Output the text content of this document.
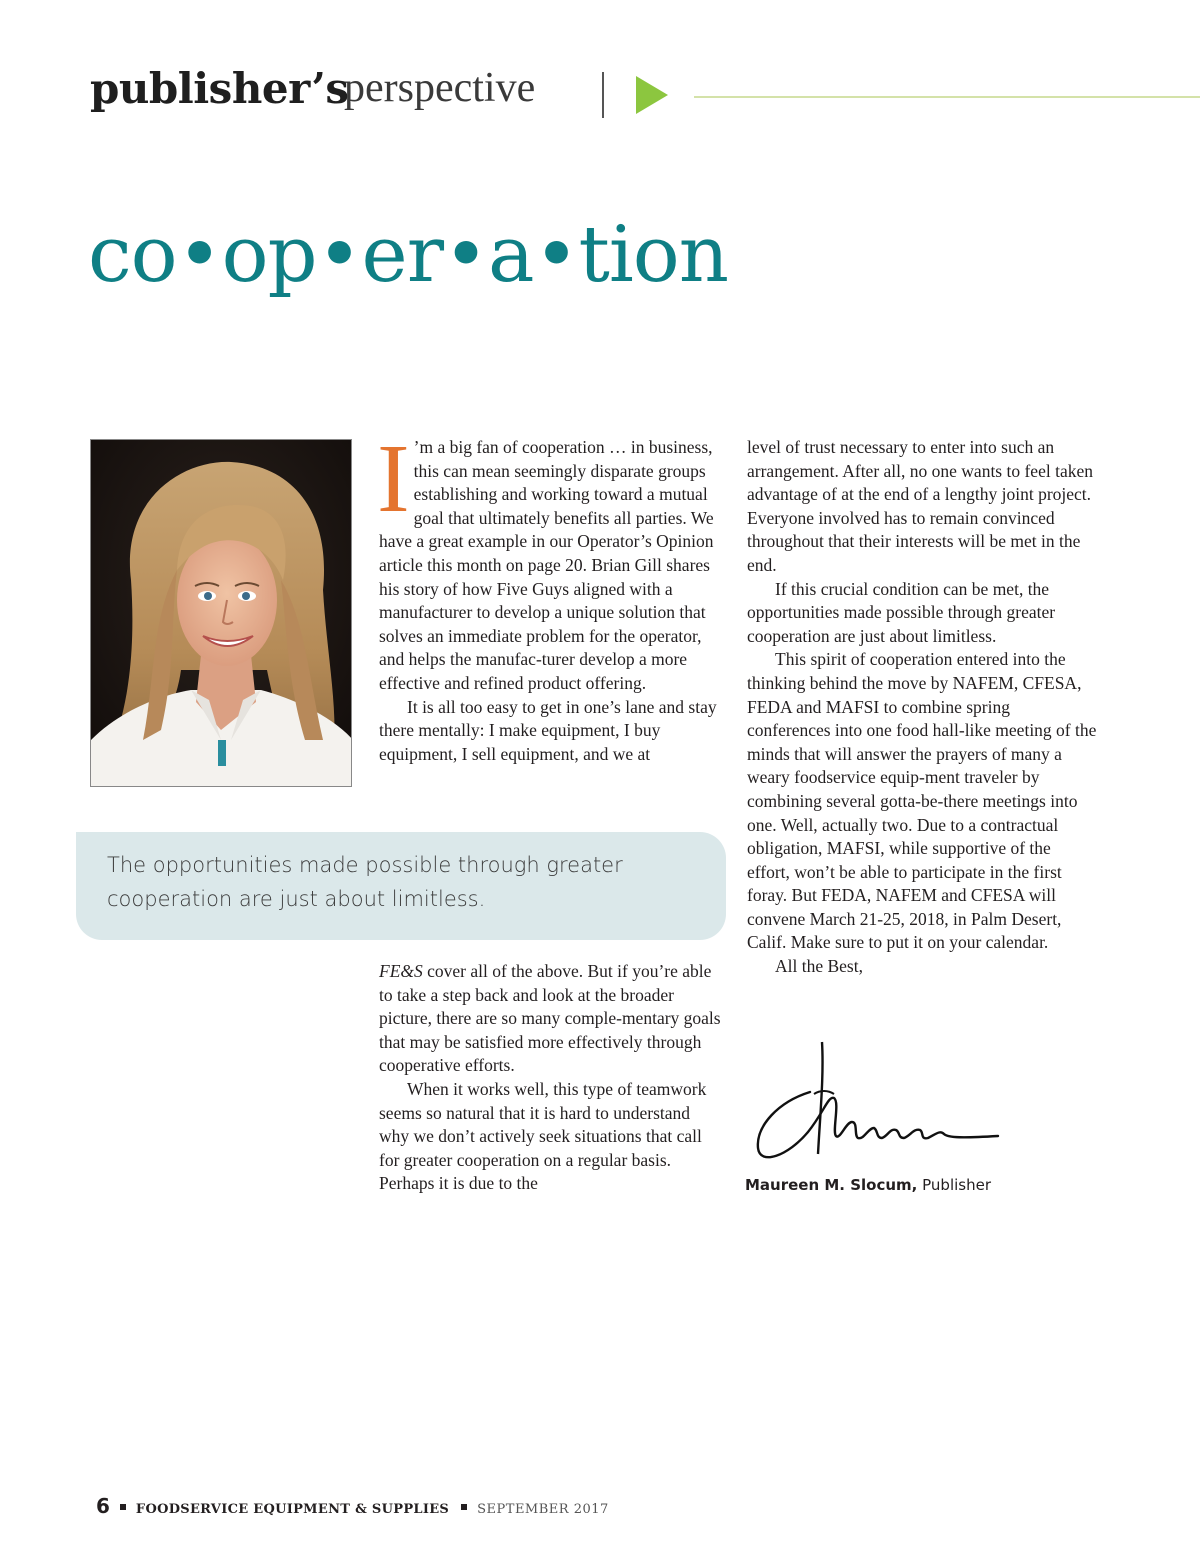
publisher’s
perspective
co•op•er•a•tion

I ’m a big fan of cooperation … in business, this can mean seemingly disparate groups establishing and working toward a mutual goal that ultimately benefits all parties. We have a great example in our Operator’s Opinion article this month on page 20. Brian Gill shares his story of how Five Guys aligned with a manufacturer to develop a unique solution that solves an immediate problem for the operator, and helps the manufac-turer develop a more effective and refined product offering.

It is all too easy to get in one’s lane and stay there mentally: I make equipment, I buy equipment, I sell equipment, and we at

The opportunities made possible through greater cooperation are just about limitless.

FE&S cover all of the above. But if you’re able to take a step back and look at the broader picture, there are so many comple-mentary goals that may be satisfied more effectively through cooperative efforts.

When it works well, this type of teamwork seems so natural that it is hard to understand why we don’t actively seek situations that call for greater cooperation on a regular basis. Perhaps it is due to the

level of trust necessary to enter into such an arrangement. After all, no one wants to feel taken advantage of at the end of a lengthy joint project. Everyone involved has to remain convinced throughout that their interests will be met in the end.

If this crucial condition can be met, the opportunities made possible through greater cooperation are just about limitless.

This spirit of cooperation entered into the thinking behind the move by NAFEM, CFESA, FEDA and MAFSI to combine spring conferences into one food hall-like meeting of the minds that will answer the prayers of many a weary foodservice equip-ment traveler by combining several gotta-be-there meetings into one. Well, actually two. Due to a contractual obligation, MAFSI, while supportive of the effort, won’t be able to participate in the first foray. But FEDA, NAFEM and CFESA will convene March 21-25, 2018, in Palm Desert, Calif. Make sure to put it on your calendar.

All the Best,

Maureen M. Slocum, Publisher
6 FOODSERVICE EQUIPMENT & SUPPLIES SEPTEMBER 2017
